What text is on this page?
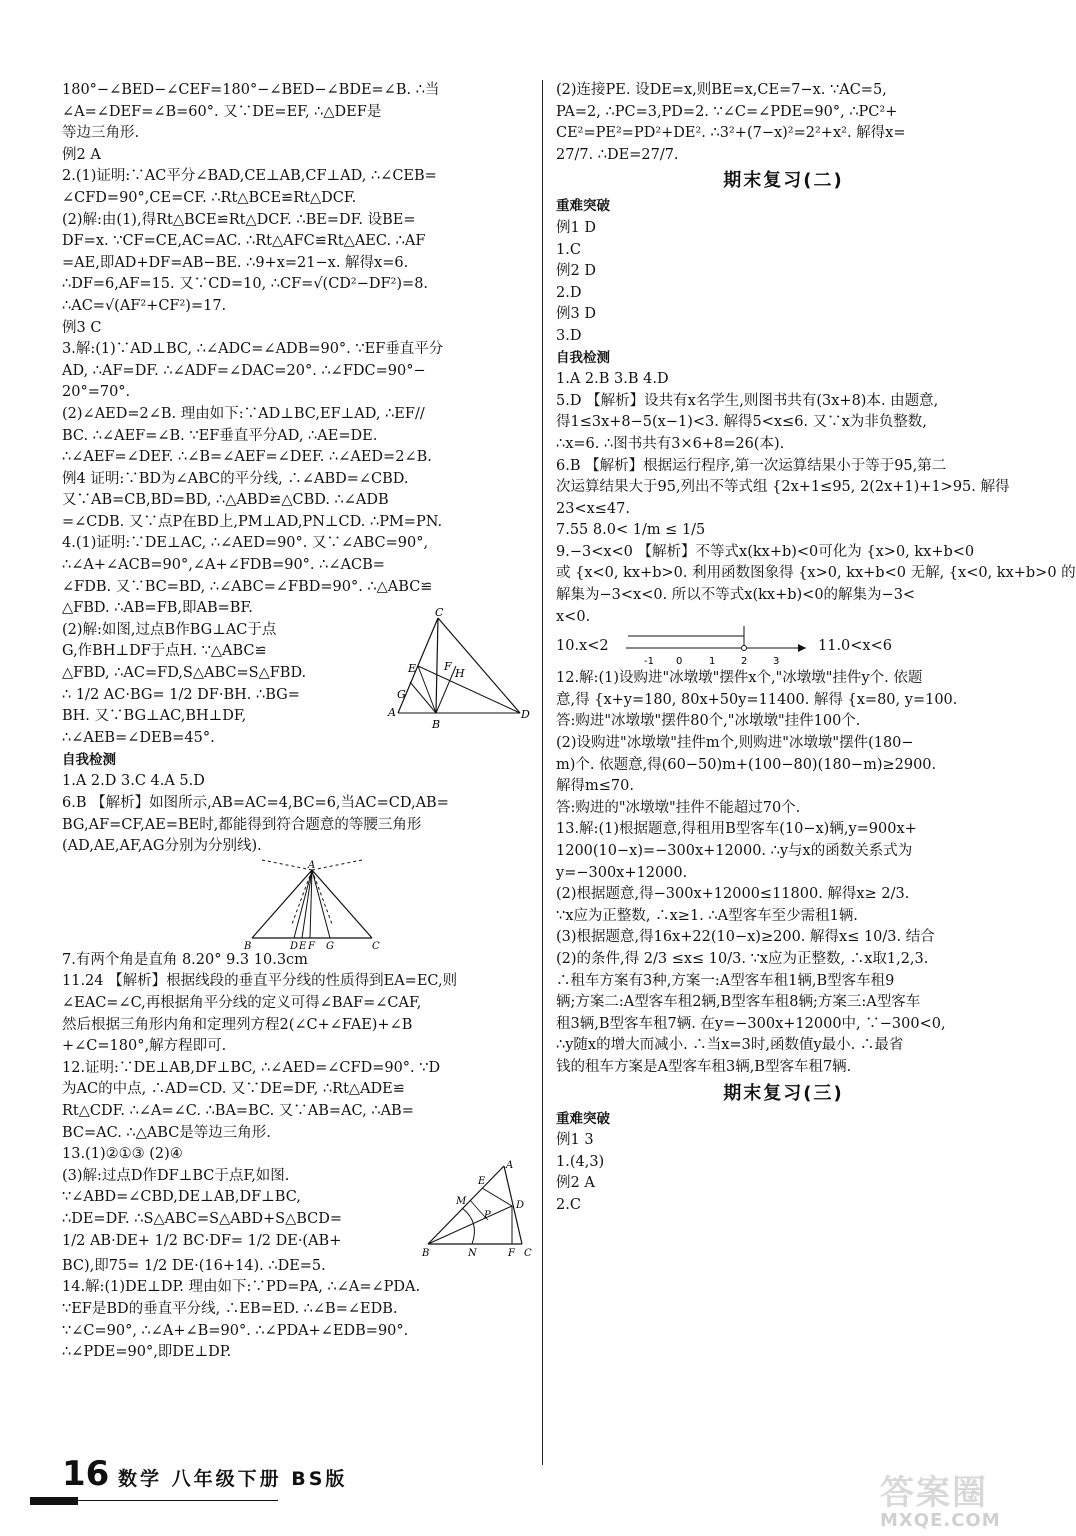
180°−∠BED−∠CEF=180°−∠BED−∠BDE=∠B. ∴当
∠A=∠DEF=∠B=60°. 又∵DE=EF, ∴△DEF是
等边三角形.
例2 A
2.(1)证明:∵AC平分∠BAD,CE⊥AB,CF⊥AD, ∴∠CEB=
∠CFD=90°,CE=CF. ∴Rt△BCE≌Rt△DCF.
(2)解:由(1),得Rt△BCE≌Rt△DCF. ∴BE=DF. 设BE=
DF=x. ∵CF=CE,AC=AC. ∴Rt△AFC≌Rt△AEC. ∴AF
=AE,即AD+DF=AB−BE. ∴9+x=21−x. 解得x=6.
∴DF=6,AF=15. 又∵CD=10, ∴CF=√(CD²−DF²)=8.
∴AC=√(AF²+CF²)=17.
例3 C
3.解:(1)∵AD⊥BC, ∴∠ADC=∠ADB=90°. ∵EF垂直平分
AD, ∴AF=DF. ∴∠ADF=∠DAC=20°. ∴∠FDC=90°−
20°=70°.
(2)∠AED=2∠B. 理由如下:∵AD⊥BC,EF⊥AD, ∴EF//
BC. ∴∠AEF=∠B. ∵EF垂直平分AD, ∴AE=DE.
∴∠AEF=∠DEF. ∴∠B=∠AEF=∠DEF. ∴∠AED=2∠B.
例4 证明:∵BD为∠ABC的平分线, ∴∠ABD=∠CBD.
又∵AB=CB,BD=BD, ∴△ABD≌△CBD. ∴∠ADB
=∠CDB. 又∵点P在BD上,PM⊥AD,PN⊥CD. ∴PM=PN.
4.(1)证明:∵DE⊥AC, ∴∠AED=90°. 又∵∠ABC=90°,
∴∠A+∠ACB=90°,∠A+∠FDB=90°. ∴∠ACB=
∠FDB. 又∵BC=BD, ∴∠ABC=∠FBD=90°. ∴△ABC≌
△FBD. ∴AB=FB,即AB=BF.
(2)解:如图,过点B作BG⊥AC于点
G,作BH⊥DF于点H. ∵△ABC≌
△FBD, ∴AC=FD,S△ABC=S△FBD.
∴ 1/2 AC·BG= 1/2 DF·BH. ∴BG=
BH. 又∵BG⊥AC,BH⊥DF,
∴∠AEB=∠DEB=45°.
C
E	F
H
G
A
B
D
自我检测
1.A 2.D 3.C 4.A 5.D
6.B 【解析】如图所示,AB=AC=4,BC=6,当AC=CD,AB=
BG,AF=CF,AE=BE时,都能得到符合题意的等腰三角形
(AD,AE,AF,AG分别为分别线).
A
B	D E F G	C
7.有两个角是直角 8.20° 9.3 10.3cm
11.24 【解析】根据线段的垂直平分线的性质得到EA=EC,则
∠EAC=∠C,再根据角平分线的定义可得∠BAF=∠CAF,
然后根据三角形内角和定理列方程2(∠C+∠FAE)+∠B
+∠C=180°,解方程即可.
12.证明:∵DE⊥AB,DF⊥BC, ∴∠AED=∠CFD=90°. ∵D
为AC的中点, ∴AD=CD. 又∵DE=DF, ∴Rt△ADE≌
Rt△CDF. ∴∠A=∠C. ∴BA=BC. 又∵AB=AC, ∴AB=
BC=AC. ∴△ABC是等边三角形.
13.(1)②①③ (2)④
(3)解:过点D作DF⊥BC于点F,如图.
∵∠ABD=∠CBD,DE⊥AB,DF⊥BC,
∴DE=DF. ∴S△ABC=S△ABD+S△BCD=
1/2 AB·DE+ 1/2 BC·DF= 1/2 DE·(AB+
A
E
M
P
D
B	N	F C
BC),即75= 1/2 DE·(16+14). ∴DE=5.
14.解:(1)DE⊥DP. 理由如下:∵PD=PA, ∴∠A=∠PDA.
∵EF是BD的垂直平分线, ∴EB=ED. ∴∠B=∠EDB.
∵∠C=90°, ∴∠A+∠B=90°. ∴∠PDA+∠EDB=90°.
∴∠PDE=90°,即DE⊥DP.
(2)连接PE. 设DE=x,则BE=x,CE=7−x. ∵AC=5,
PA=2, ∴PC=3,PD=2. ∵∠C=∠PDE=90°, ∴PC²+
CE²=PE²=PD²+DE². ∴3²+(7−x)²=2²+x². 解得x=
27/7. ∴DE=27/7.
期末复习(二)
重难突破
例1 D
1.C
例2 D
2.D
例3 D
3.D
自我检测
1.A 2.B 3.B 4.D
5.D 【解析】设共有x名学生,则图书共有(3x+8)本. 由题意,
得1≤3x+8−5(x−1)<3. 解得5<x≤6. 又∵x为非负整数,
∴x=6. ∴图书共有3×6+8=26(本).
6.B 【解析】根据运行程序,第一次运算结果小于等于95,第二
次运算结果大于95,列出不等式组 {2x+1≤95, 2(2x+1)+1>95. 解得
23<x≤47.
7.55 8.0< 1/m ≤ 1/5
9.−3<x<0 【解析】不等式x(kx+b)<0可化为 {x>0, kx+b<0
或 {x<0, kx+b>0. 利用函数图象得 {x>0, kx+b<0 无解, {x<0, kx+b>0 的
解集为−3<x<0. 所以不等式x(kx+b)<0的解集为−3<
x<0.
10.x<2
-1 0	1	2	3
11.0<x<6
12.解:(1)设购进"冰墩墩"摆件x个,"冰墩墩"挂件y个. 依题
意,得 {x+y=180, 80x+50y=11400. 解得 {x=80, y=100.
答:购进"冰墩墩"摆件80个,"冰墩墩"挂件100个.
(2)设购进"冰墩墩"挂件m个,则购进"冰墩墩"摆件(180−
m)个. 依题意,得(60−50)m+(100−80)(180−m)≥2900.
解得m≤70.
答:购进的"冰墩墩"挂件不能超过70个.
13.解:(1)根据题意,得租用B型客车(10−x)辆,y=900x+
1200(10−x)=−300x+12000. ∴y与x的函数关系式为
y=−300x+12000.
(2)根据题意,得−300x+12000≤11800. 解得x≥ 2/3.
∵x应为正整数, ∴x≥1. ∴A型客车至少需租1辆.
(3)根据题意,得16x+22(10−x)≥200. 解得x≤ 10/3. 结合
(2)的条件,得 2/3 ≤x≤ 10/3. ∵x应为正整数, ∴x取1,2,3.
∴租车方案有3种,方案一:A型客车租1辆,B型客车租9
辆;方案二:A型客车租2辆,B型客车租8辆;方案三:A型客车
租3辆,B型客车租7辆. 在y=−300x+12000中, ∵−300<0,
∴y随x的增大而减小. ∴当x=3时,函数值y最小. ∴最省
钱的租车方案是A型客车租3辆,B型客车租7辆.
期末复习(三)
重难突破
例1 3
1.(4,3)
例2 A
2.C
16 数学 八年级下册 BS版	答案圈
MXQE.COM
